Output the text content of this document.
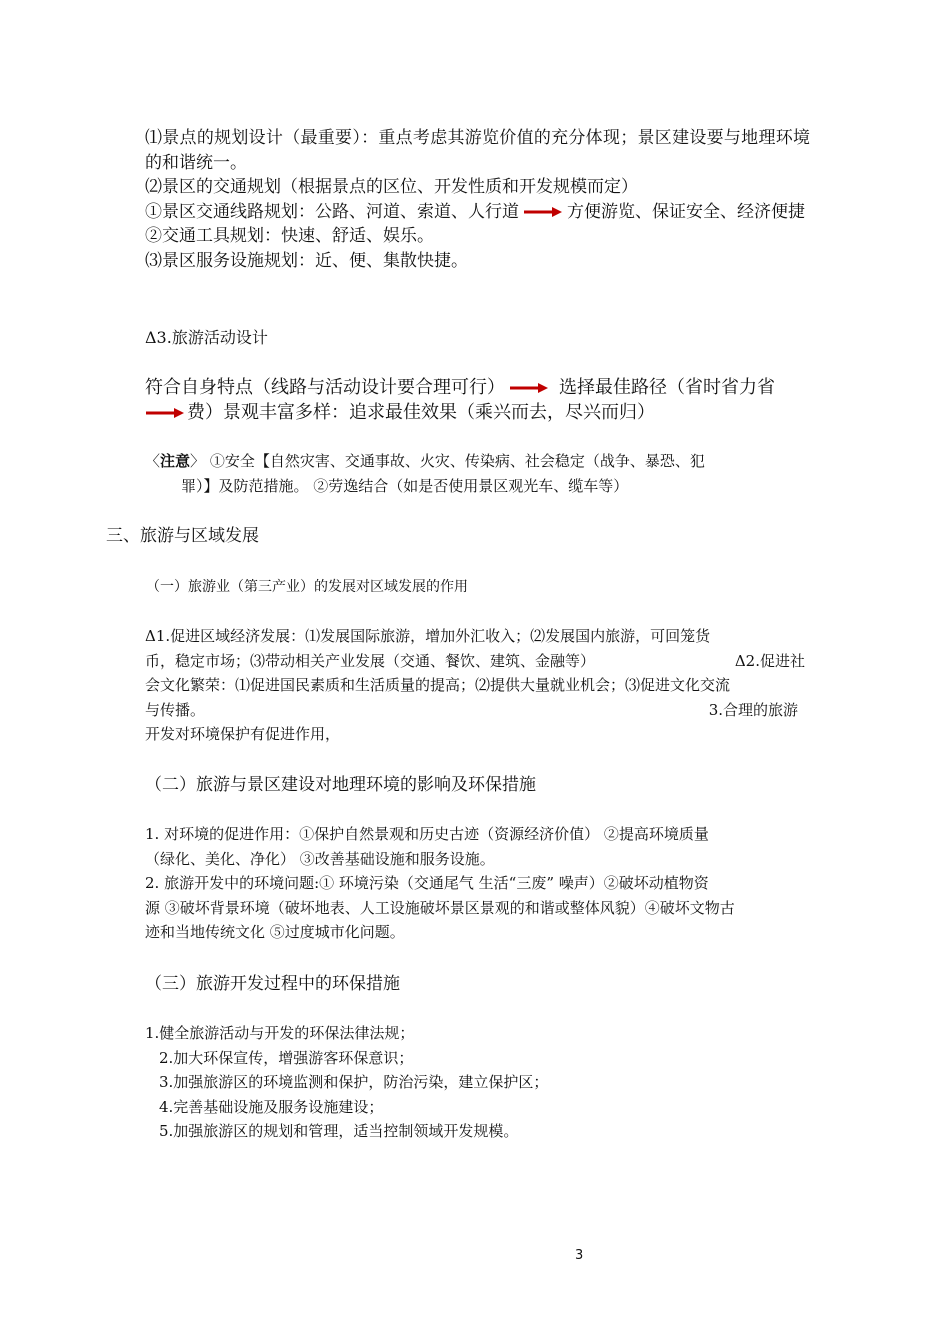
⑴景点的规划设计（最重要）：重点考虑其游览价值的充分体现；景区建设要与地理环境的和谐统一。
⑵景区的交通规划（根据景点的区位、开发性质和开发规模而定）
①景区交通线路规划：公路、河道、索道、人行道	方便游览、保证安全、经济便捷
②交通工具规划：快速、舒适、娱乐。
⑶景区服务设施规划：近、便、集散快捷。
Δ3.旅游活动设计
符合自身特点（线路与活动设计要合理可行）	选择最佳路径（省时省力省
费）景观丰富多样：追求最佳效果（乘兴而去，尽兴而归）
〈注意〉 ①安全【自然灾害、交通事故、火灾、传染病、社会稳定（战争、暴恐、犯
罪）】及防范措施。 ②劳逸结合（如是否使用景区观光车、缆车等）
三、旅游与区域发展
（一）旅游业（第三产业）的发展对区域发展的作用
Δ1.促进区域经济发展：⑴发展国际旅游，增加外汇收入；⑵发展国内旅游，可回笼货
币，稳定市场；⑶带动相关产业发展（交通、餐饮、建筑、金融等）	Δ2.促进社
会文化繁荣：⑴促进国民素质和生活质量的提高；⑵提供大量就业机会；⑶促进文化交流
与传播。	3.合理的旅游
开发对环境保护有促进作用，
（二）旅游与景区建设对地理环境的影响及环保措施
1. 对环境的促进作用：①保护自然景观和历史古迹（资源经济价值） ②提高环境质量
（绿化、美化、净化） ③改善基础设施和服务设施。
2. 旅游开发中的环境问题:① 环境污染（交通尾气 生活“三废” 噪声）②破坏动植物资
源 ③破坏背景环境（破坏地表、人工设施破坏景区景观的和谐或整体风貌）④破坏文物古
迹和当地传统文化 ⑤过度城市化问题。
（三）旅游开发过程中的环保措施
1.健全旅游活动与开发的环保法律法规；
2.加大环保宣传，增强游客环保意识；
3.加强旅游区的环境监测和保护，防治污染，建立保护区；
4.完善基础设施及服务设施建设；
5.加强旅游区的规划和管理，适当控制领域开发规模。
3
